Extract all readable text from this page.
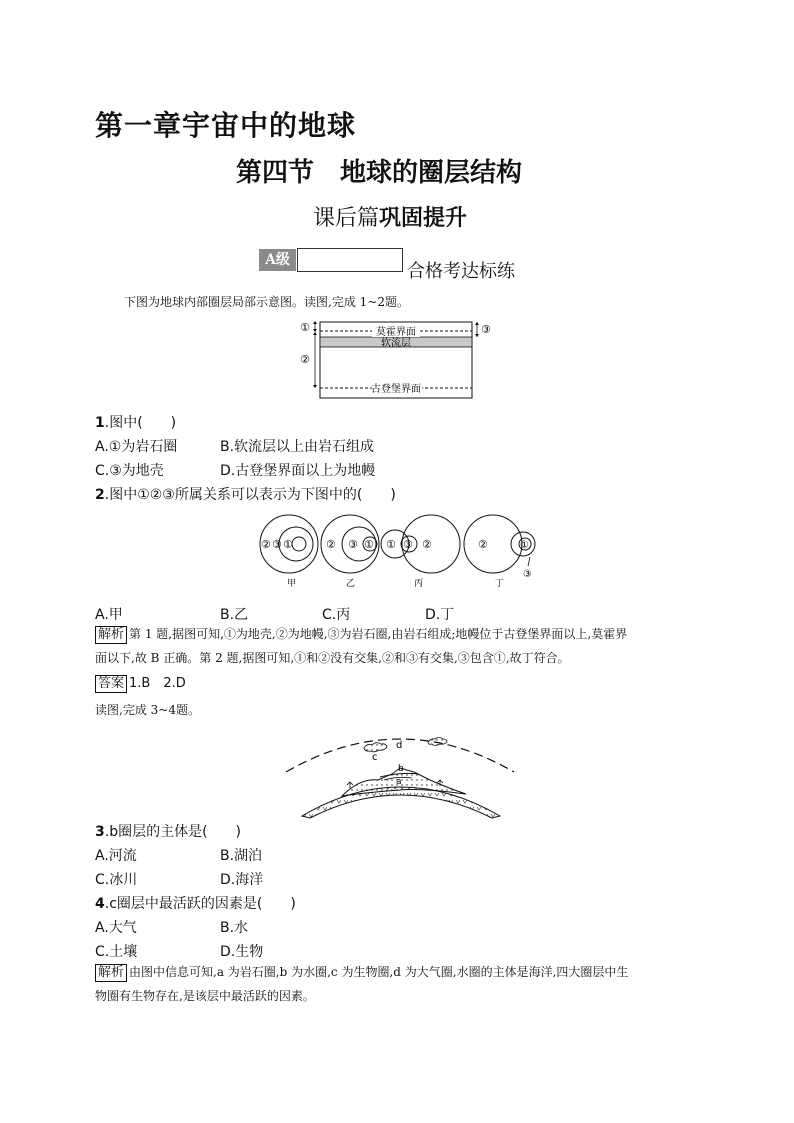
第一章宇宙中的地球
第四节　地球的圈层结构
课后篇巩固提升
A级
合格考达标练
下图为地球内部圈层局部示意图。读图,完成 1~2题。
莫霍界面
软流层
古登堡界面
①
②
③
1.图中(　　)
A.①为岩石圈	B.软流层以上由岩石组成
C.③为地壳	D.古登堡界面以上为地幔
2.图中①②③所属关系可以表示为下图中的(　　)
② ③ ①
甲
② ③ ①
乙
① ③ ②
丙
②	①
③
丁
A.甲	B.乙	C.丙	D.丁
解析 第 1 题,据图可知,①为地壳,②为地幔,③为岩石圈,由岩石组成;地幔位于古登堡界面以上,莫霍界
面以下,故 B 正确。第 2 题,据图可知,①和②没有交集,②和③有交集,③包含①,故丁符合。
答案 1.B　2.D
读图,完成 3~4题。
d
c
b
a
3.b圈层的主体是(　　)
A.河流	B.湖泊
C.冰川	D.海洋
4.c圈层中最活跃的因素是(　　)
A.大气	B.水
C.土壤	D.生物
解析 由图中信息可知,a 为岩石圈,b 为水圈,c 为生物圈,d 为大气圈,水圈的主体是海洋,四大圈层中生
物圈有生物存在,是该层中最活跃的因素。
